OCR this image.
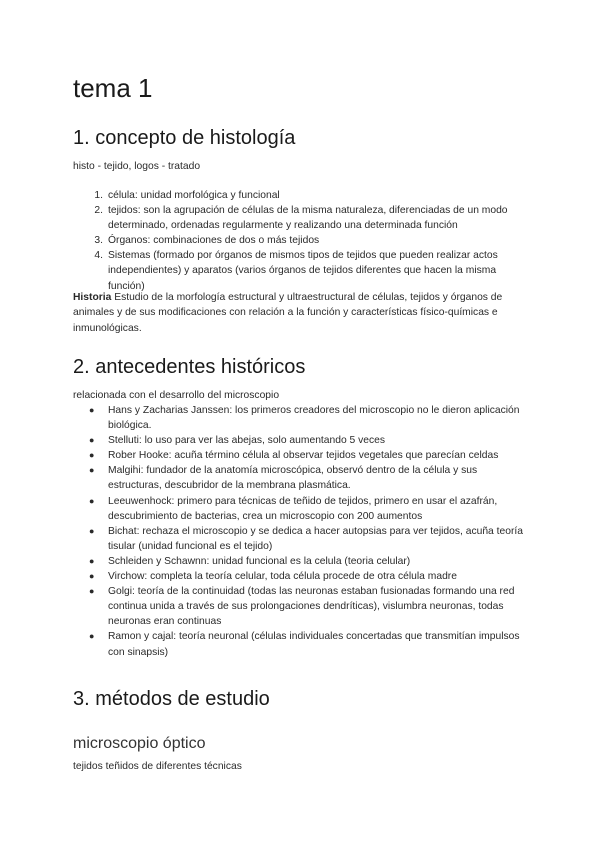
tema 1
1. concepto de histología

histo - tejido, logos - tratado

1. célula: unidad morfológica y funcional
2. tejidos: son la agrupación de células de la misma naturaleza, diferenciadas de un modo determinado, ordenadas regularmente y realizando una determinada función
3. Órganos: combinaciones de dos o más tejidos
4. Sistemas (formado por órganos de mismos tipos de tejidos que pueden realizar actos independientes) y aparatos (varios órganos de tejidos diferentes que hacen la misma función)

Historia Estudio de la morfología estructural y ultraestructural de células, tejidos y órganos de animales y de sus modificaciones con relación a la función y características físico-químicas e inmunológicas.

2. antecedentes históricos

relacionada con el desarrollo del microscopio

● Hans y Zacharias Janssen: los primeros creadores del microscopio no le dieron aplicación biológica.
● Stelluti: lo uso para ver las abejas, solo aumentando 5 veces
● Rober Hooke: acuña término célula al observar tejidos vegetales que parecían celdas
● Malgihi: fundador de la anatomía microscópica, observó dentro de la célula y sus estructuras, descubridor de la membrana plasmática.
● Leeuwenhock: primero para técnicas de teñido de tejidos, primero en usar el azafrán, descubrimiento de bacterias, crea un microscopio con 200 aumentos
● Bichat: rechaza el microscopio y se dedica a hacer autopsias para ver tejidos, acuña teoría tisular (unidad funcional es el tejido)
● Schleiden y Schawnn: unidad funcional es la celula (teoria celular)
● Virchow: completa la teoría celular, toda célula procede de otra célula madre
● Golgi: teoría de la continuidad (todas las neuronas estaban fusionadas formando una red continua unida a través de sus prolongaciones dendríticas), vislumbra neuronas, todas neuronas eran continuas
● Ramon y cajal: teoría neuronal (células individuales concertadas que transmitían impulsos con sinapsis)
3. métodos de estudio
microscopio óptico

tejidos teñidos de diferentes técnicas
